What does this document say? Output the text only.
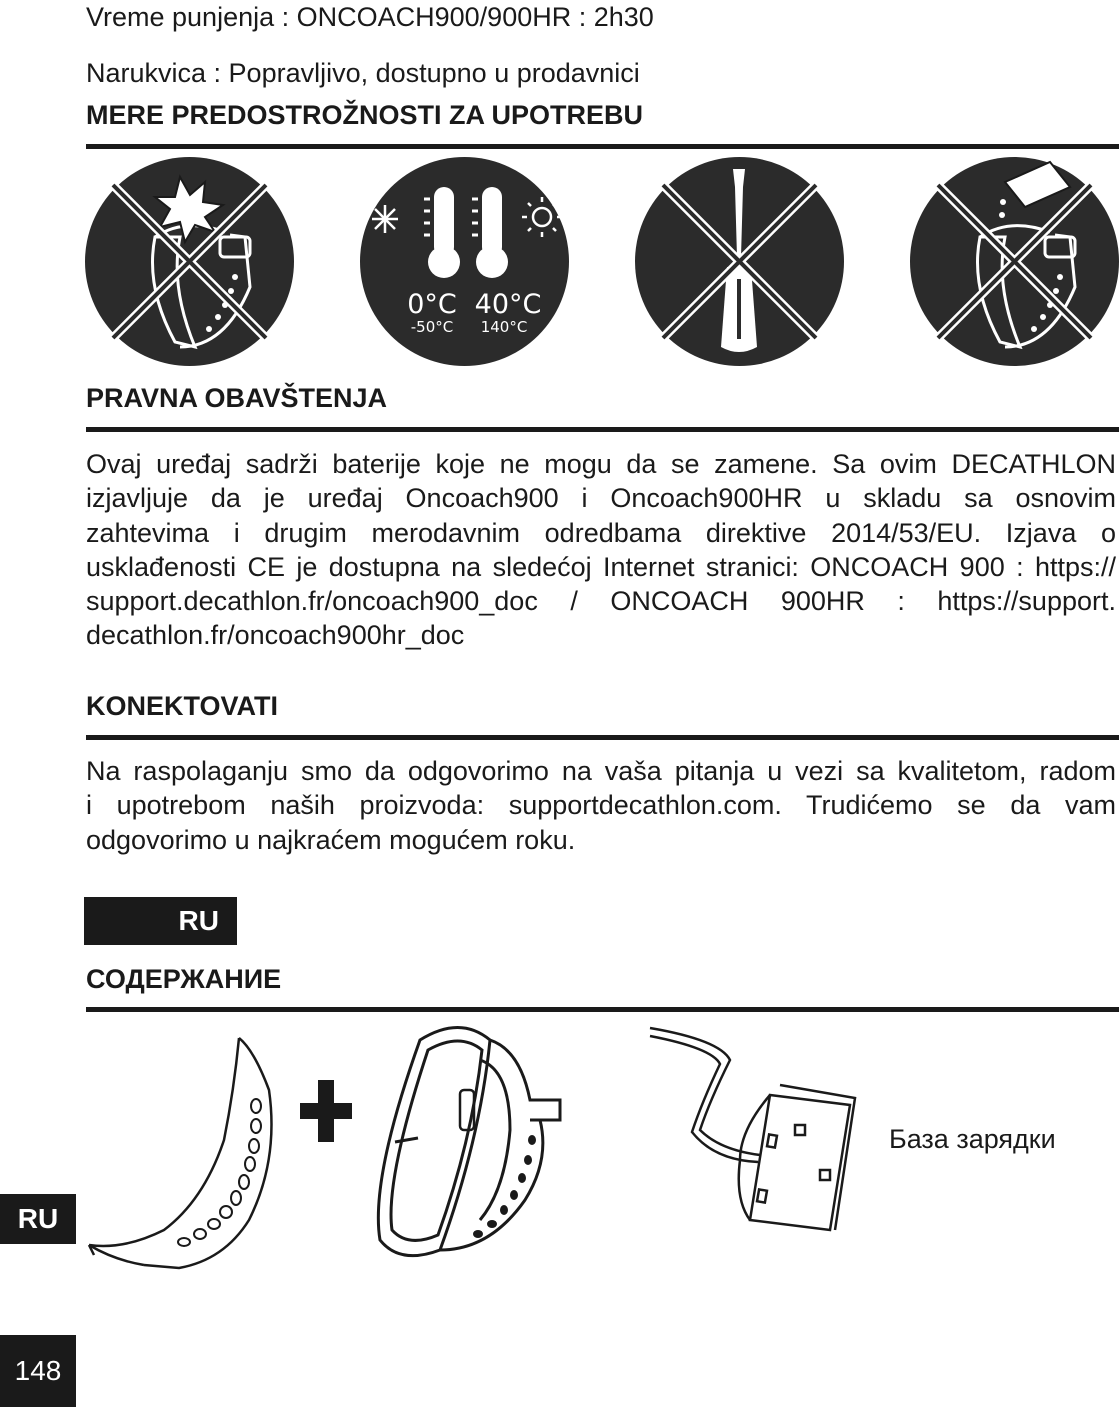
Vreme punjenja : ONCOACH900/900HR : 2h30
Narukvica : Popravljivo, dostupno u prodavnici
MERE PREDOSTROŽNOSTI ZA UPOTREBU
0°C
-50°C
40°C
140°C
PRAVNA OBAVŠTENJA
Ovaj uređaj sadrži baterije koje ne mogu da se zamene. Sa ovim DECATHLON
izjavljuje da je uređaj Oncoach900 i Oncoach900HR u skladu sa osnovim
zahtevima i drugim merodavnim odredbama direktive 2014/53/EU. Izjava o
usklađenosti CE je dostupna na sledećoj Internet stranici: ONCOACH 900 : https://
support.decathlon.fr/oncoach900_doc / ONCOACH 900HR : https://support.
decathlon.fr/oncoach900hr_doc
KONEKTOVATI
Na raspolaganju smo da odgovorimo na vaša pitanja u vezi sa kvalitetom, radom
i upotrebom naših proizvoda: supportdecathlon.com. Trudićemo se da vam
odgovorimo u najkraćem mogućem roku.
RU
СОДЕРЖАНИЕ
База зарядки
RU
148
